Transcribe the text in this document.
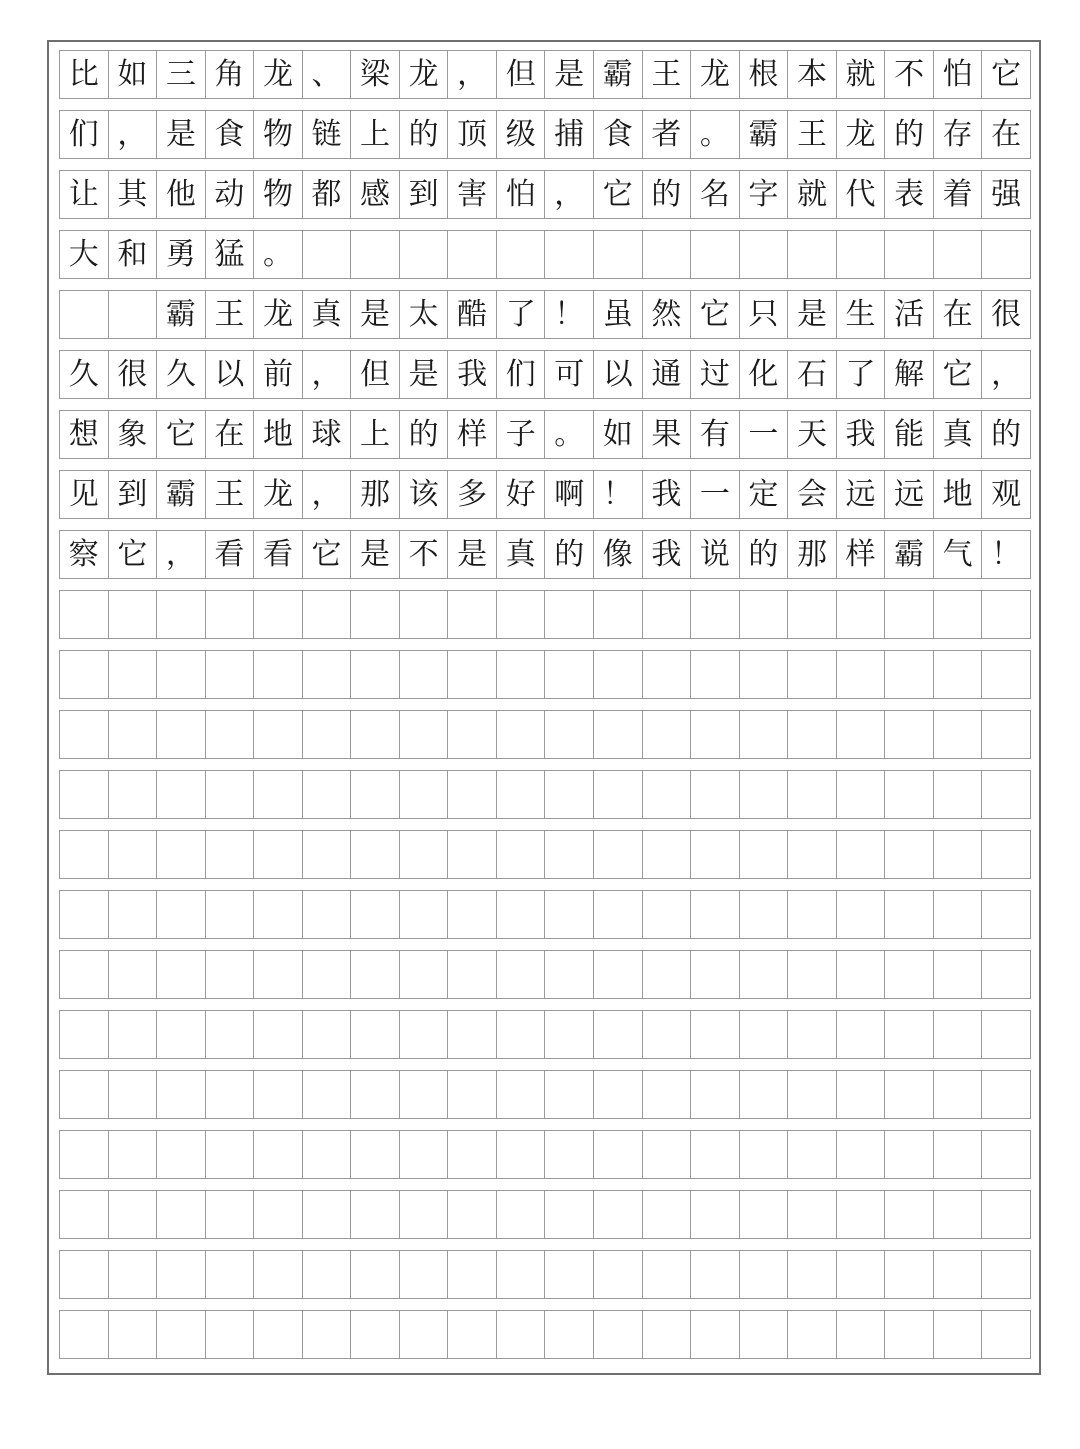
比 如 三 角 龙 、 梁 龙 ， 但 是 霸 王 龙 根 本 就 不 怕 它
们 ， 是 食 物 链 上 的 顶 级 捕 食 者 。 霸 王 龙 的 存 在
让 其 他 动 物 都 感 到 害 怕 ， 它 的 名 字 就 代 表 着 强
大 和 勇 猛 。
霸 王 龙 真 是 太 酷 了 ！ 虽 然 它 只 是 生 活 在 很
久 很 久 以 前 ， 但 是 我 们 可 以 通 过 化 石 了 解 它 ，
想 象 它 在 地 球 上 的 样 子 。 如 果 有 一 天 我 能 真 的
见 到 霸 王 龙 ， 那 该 多 好 啊 ！ 我 一 定 会 远 远 地 观
察 它 ， 看 看 它 是 不 是 真 的 像 我 说 的 那 样 霸 气 ！
